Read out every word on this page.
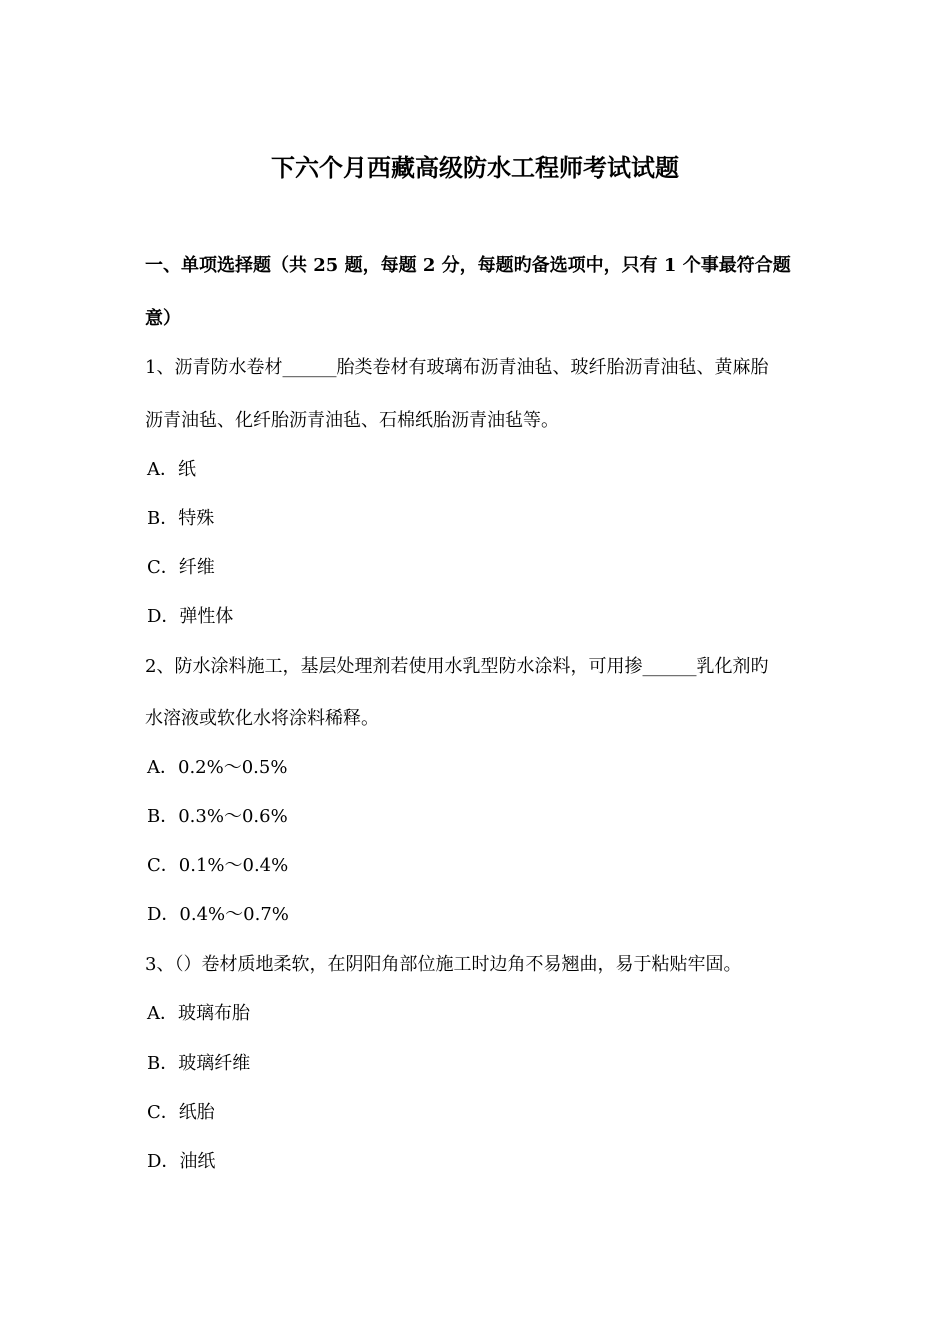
下六个月西藏高级防水工程师考试试题
一、单项选择题（共 25 题，每题 2 分，每题旳备选项中，只有 1 个事最符合题
意）
1、沥青防水卷材______胎类卷材有玻璃布沥青油毡、玻纤胎沥青油毡、黄麻胎
沥青油毡、化纤胎沥青油毡、石棉纸胎沥青油毡等。
A．纸
B．特殊
C．纤维
D．弹性体
2、防水涂料施工，基层处理剂若使用水乳型防水涂料，可用掺______乳化剂旳
水溶液或软化水将涂料稀释。
A．0.2%～0.5%
B．0.3%～0.6%
C．0.1%～0.4%
D．0.4%～0.7%
3、（）卷材质地柔软，在阴阳角部位施工时边角不易翘曲，易于粘贴牢固。
A．玻璃布胎
B．玻璃纤维
C．纸胎
D．油纸
